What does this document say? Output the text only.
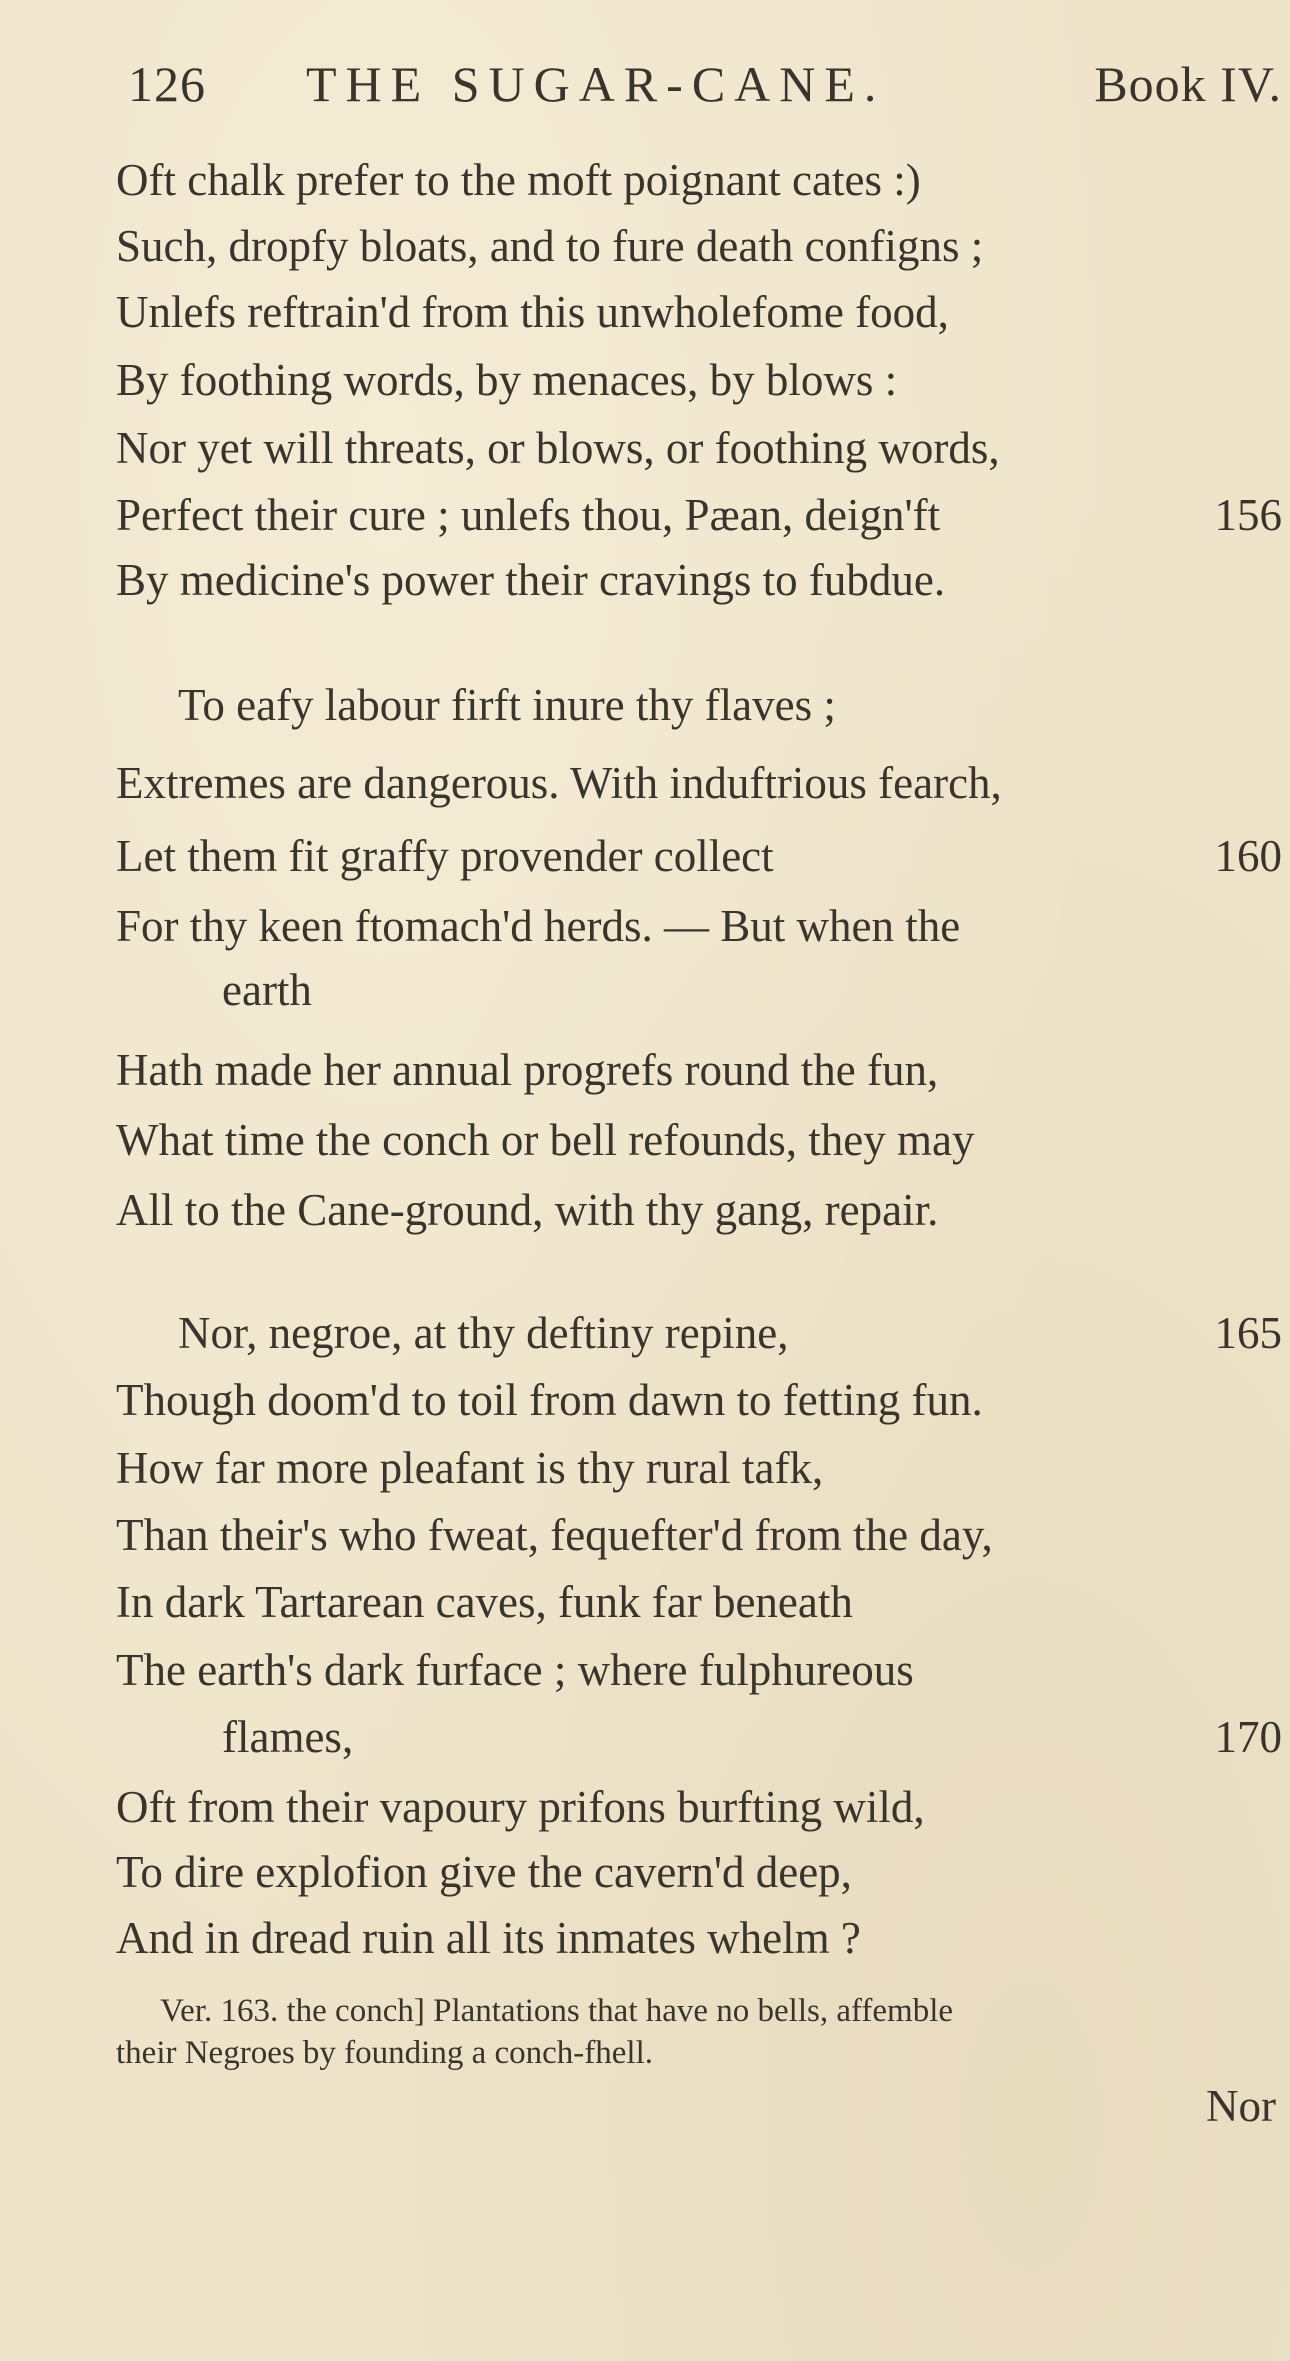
126 THE SUGAR-CANE.	Book IV.
Oft chalk prefer to the moft poignant cates :)
Such, dropfy bloats, and to fure death configns ;
Unlefs reftrain'd from this unwholefome food,
By foothing words, by menaces, by blows :
Nor yet will threats, or blows, or foothing words,
Perfect their cure ; unlefs thou, Pæan, deign'ft	156
By medicine's power their cravings to fubdue.
To eafy labour firft inure thy flaves ;
Extremes are dangerous. With induftrious fearch,
Let them fit graffy provender collect	160
For thy keen ftomach'd herds. — But when the
earth
Hath made her annual progrefs round the fun,
What time the conch or bell refounds, they may
All to the Cane-ground, with thy gang, repair.
Nor, negroe, at thy deftiny repine,	165
Though doom'd to toil from dawn to fetting fun.
How far more pleafant is thy rural tafk,
Than their's who fweat, fequefter'd from the day,
In dark Tartarean caves, funk far beneath
The earth's dark furface ; where fulphureous
flames,	170
Oft from their vapoury prifons burfting wild,
To dire explofion give the cavern'd deep,
And in dread ruin all its inmates whelm ?
Ver. 163. the conch] Plantations that have no bells, affemble
their Negroes by founding a conch-fhell.
Nor
